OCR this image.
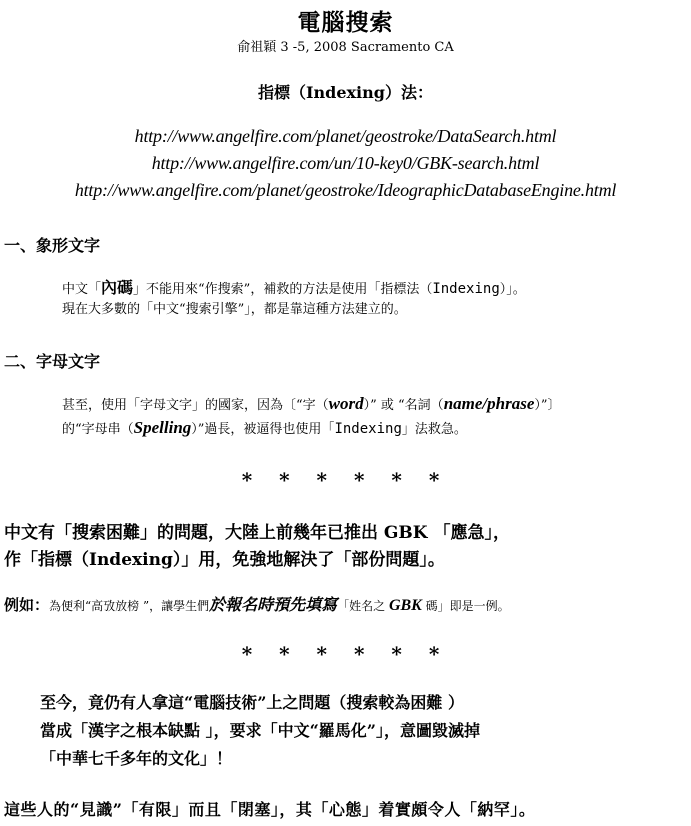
電腦搜索
俞祖穎 3 -5, 2008 Sacramento CA
指標（Indexing）法：
http://www.angelfire.com/planet/geostroke/DataSearch.html
http://www.angelfire.com/un/10-key0/GBK-search.html
http://www.angelfire.com/planet/geostroke/IdeographicDatabaseEngine.html
一、象形文字
中文「內碼」不能用來“作搜索”，補救的方法是使用「指標法（Indexing）」。
現在大多數的「中文“搜索引擎”」，都是靠這種方法建立的。
二、字母文字
甚至，使用「字母文字」的國家，因為〔“字（word）” 或 “名詞（name/phrase）”〕
的“字母串（Spelling）”過長，被逼得也使用「Indexing」法救急。
* * * * * *
中文有「搜索困難」的問題，大陸上前幾年已推出 GBK 「應急」，
作「指標（Indexing）」用，免強地解決了「部份問題」。
例如：為便利“高攷放榜 ”，讓學生們於報名時預先填寫「姓名之 GBK 碼」即是一例。
* * * * * *
至今，竟仍有人拿這“電腦技術”上之問題（搜索較為困難 ）
當成「漢字之根本缺點 」，要求「中文“羅馬化”」，意圖毀滅掉
「中華七千多年的文化」！
這些人的“見識”「有限」而且「閉塞」，其「心態」着實頗令人「納罕」。
